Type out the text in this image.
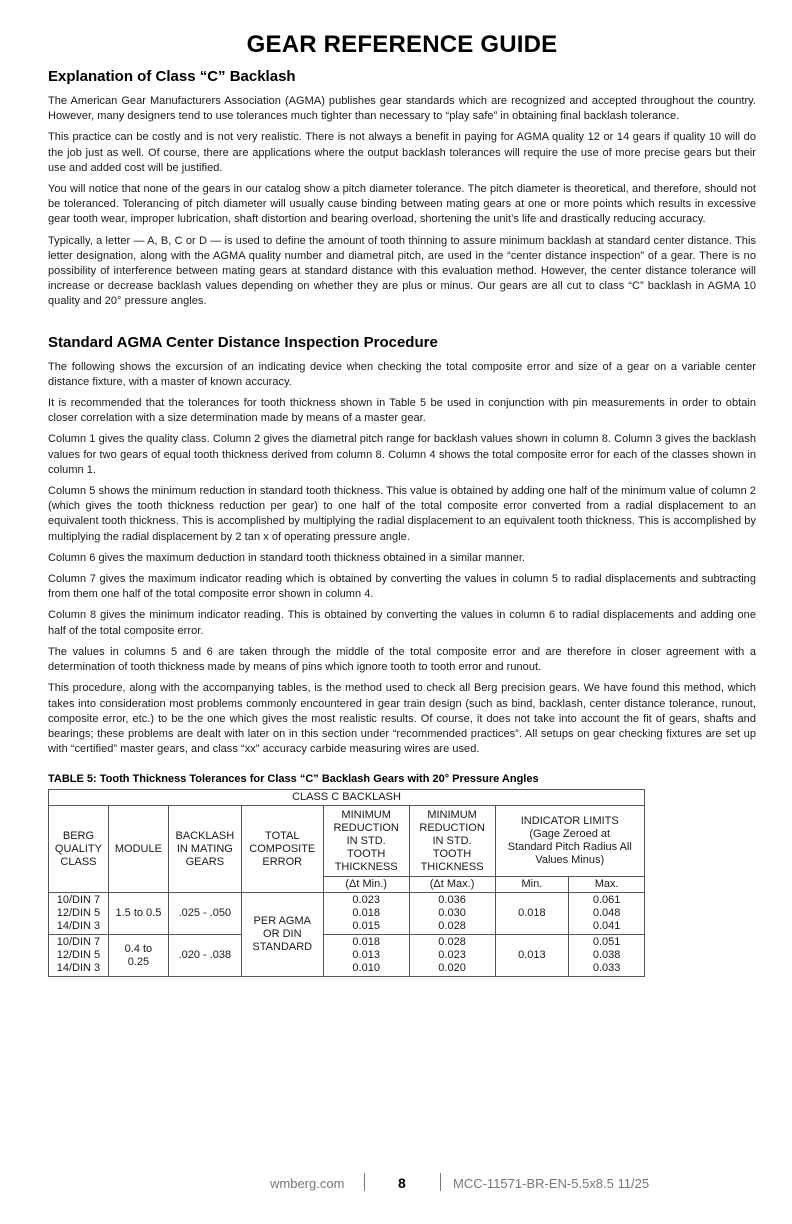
GEAR REFERENCE GUIDE
Explanation of Class “C” Backlash

The American Gear Manufacturers Association (AGMA) publishes gear standards which are recognized and accepted throughout the country. However, many designers tend to use tolerances much tighter than necessary to “play safe” in obtaining final backlash tolerance.

This practice can be costly and is not very realistic. There is not always a benefit in paying for AGMA quality 12 or 14 gears if quality 10 will do the job just as well. Of course, there are applications where the output backlash tolerances will require the use of more precise gears but their use and added cost will be justified.

You will notice that none of the gears in our catalog show a pitch diameter tolerance. The pitch diameter is theoretical, and therefore, should not be toleranced. Tolerancing of pitch diameter will usually cause binding between mating gears at one or more points which results in excessive gear tooth wear, improper lubrication, shaft distortion and bearing overload, shortening the unit’s life and drastically reducing accuracy.

Typically, a letter — A, B, C or D — is used to define the amount of tooth thinning to assure minimum backlash at standard center distance. This letter designation, along with the AGMA quality number and diametral pitch, are used in the “center distance inspection” of a gear. There is no possibility of interference between mating gears at standard distance with this evaluation method. However, the center distance tolerance will increase or decrease backlash values depending on whether they are plus or minus. Our gears are all cut to class “C” backlash in AGMA 10 quality and 20° pressure angles.

Standard AGMA Center Distance Inspection Procedure

The following shows the excursion of an indicating device when checking the total composite error and size of a gear on a variable center distance fixture, with a master of known accuracy.

It is recommended that the tolerances for tooth thickness shown in Table 5 be used in conjunction with pin measurements in order to obtain closer correlation with a size determination made by means of a master gear.

Column 1 gives the quality class. Column 2 gives the diametral pitch range for backlash values shown in column 8. Column 3 gives the backlash values for two gears of equal tooth thickness derived from column 8. Column 4 shows the total composite error for each of the classes shown in column 1.

Column 5 shows the minimum reduction in standard tooth thickness. This value is obtained by adding one half of the minimum value of column 2 (which gives the tooth thickness reduction per gear) to one half of the total composite error converted from a radial displacement to an equivalent tooth thickness. This is accomplished by multiplying the radial displacement to an equivalent tooth thickness. This is accomplished by multiplying the radial displacement by 2 tan x of operating pressure angle.

Column 6 gives the maximum deduction in standard tooth thickness obtained in a similar manner.

Column 7 gives the maximum indicator reading which is obtained by converting the values in column 5 to radial displacements and subtracting from them one half of the total composite error shown in column 4.

Column 8 gives the minimum indicator reading. This is obtained by converting the values in column 6 to radial displacements and adding one half of the total composite error.

The values in columns 5 and 6 are taken through the middle of the total composite error and are therefore in closer agreement with a determination of tooth thickness made by means of pins which ignore tooth to tooth error and runout.

This procedure, along with the accompanying tables, is the method used to check all Berg precision gears. We have found this method, which takes into consideration most problems commonly encountered in gear train design (such as bind, backlash, center distance tolerance, runout, composite error, etc.) to be the one which gives the most realistic results. Of course, it does not take into account the fit of gears, shafts and bearings; these problems are dealt with later on in this section under “recommended practices”. All setups on gear checking fixtures are set up with “certified” master gears, and class “xx” accuracy carbide measuring wires are used.

TABLE 5: Tooth Thickness Tolerances for Class “C” Backlash Gears with 20° Pressure Angles
CLASS C BACKLASH							
BERG
QUALITY
CLASS	MODULE	BACKLASH
IN MATING
GEARS	TOTAL
COMPOSITE
ERROR	MINIMUM
REDUCTION
IN STD.
TOOTH
THICKNESS	MINIMUM
REDUCTION
IN STD.
TOOTH
THICKNESS	INDICATOR LIMITS
(Gage Zeroed at
Standard Pitch Radius All
Values Minus)	
				(Δt Min.)	(Δt Max.)	Min.	Max.
10/DIN 7
12/DIN 5
14/DIN 3	1.5 to 0.5	.025 - .050	PER AGMA
OR DIN
STANDARD	0.023
0.018
0.015	0.036
0.030
0.028	0.018	0.061
0.048
0.041
10/DIN 7
12/DIN 5
14/DIN 3	0.4 to
0.25	.020 - .038		0.018
0.013
0.010	0.028
0.023
0.020	0.013	0.051
0.038
0.033
wmberg.com	8	MCC-11571-BR-EN-5.5x8.5 11/25
